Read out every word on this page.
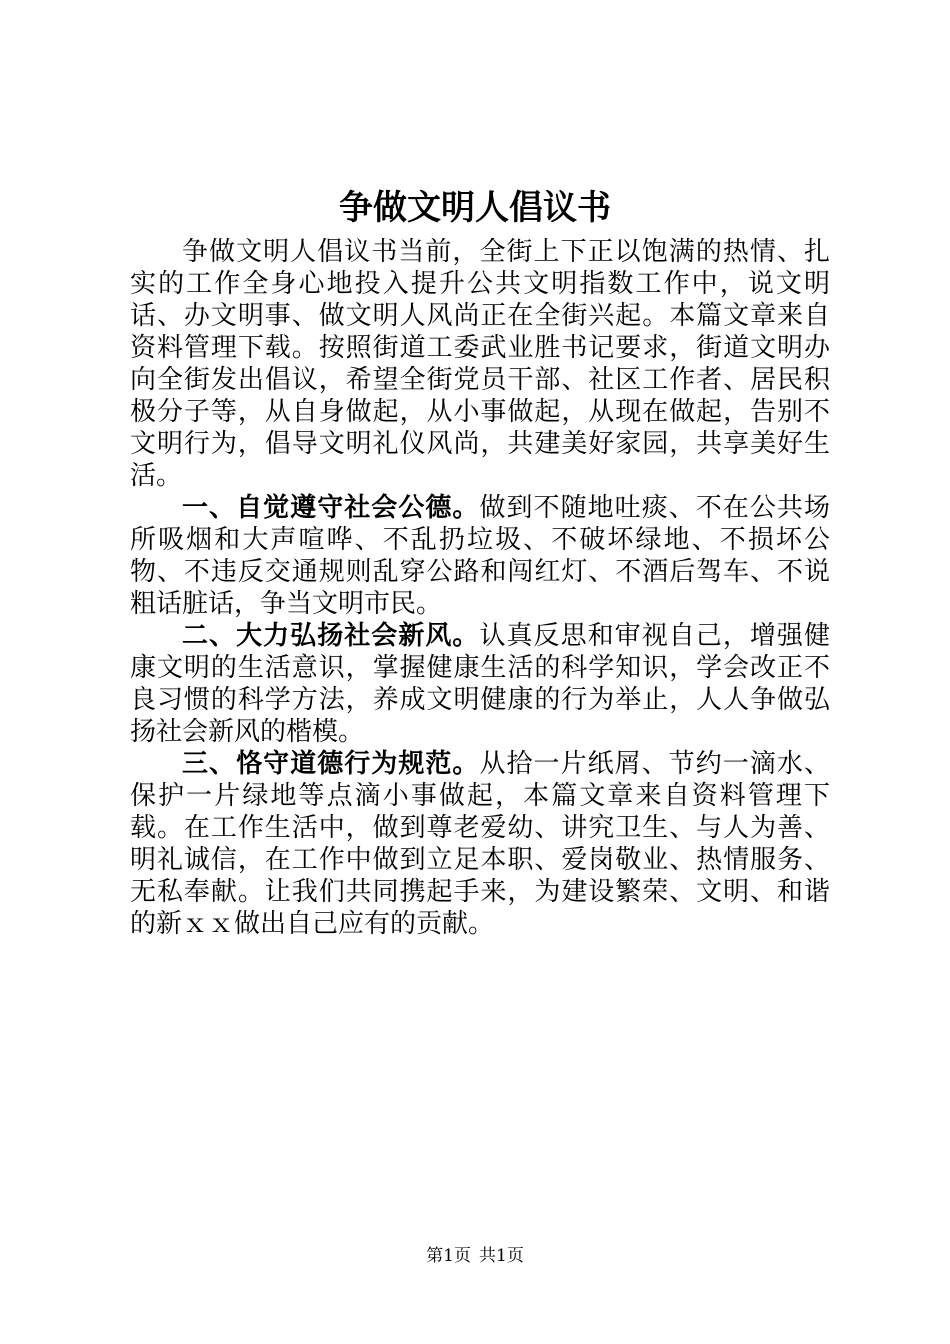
争做文明人倡议书

争做文明人倡议书当前，全街上下正以饱满的热情、扎实的工作全身心地投入提升公共文明指数工作中，说文明话、办文明事、做文明人风尚正在全街兴起。本篇文章来自资料管理下载。按照街道工委武业胜书记要求，街道文明办向全街发出倡议，希望全街党员干部、社区工作者、居民积极分子等，从自身做起，从小事做起，从现在做起，告别不文明行为，倡导文明礼仪风尚，共建美好家园，共享美好生活。

一、自觉遵守社会公德。做到不随地吐痰、不在公共场所吸烟和大声喧哗、不乱扔垃圾、不破坏绿地、不损坏公物、不违反交通规则乱穿公路和闯红灯、不酒后驾车、不说粗话脏话，争当文明市民。

二、大力弘扬社会新风。认真反思和审视自己，增强健康文明的生活意识，掌握健康生活的科学知识，学会改正不良习惯的科学方法，养成文明健康的行为举止，人人争做弘扬社会新风的楷模。

三、恪守道德行为规范。从拾一片纸屑、节约一滴水、保护一片绿地等点滴小事做起，本篇文章来自资料管理下载。在工作生活中，做到尊老爱幼、讲究卫生、与人为善、明礼诚信，在工作中做到立足本职、爱岗敬业、热情服务、无私奉献。让我们共同携起手来，为建设繁荣、文明、和谐的新ｘｘ做出自己应有的贡献。

第1页 共1页
